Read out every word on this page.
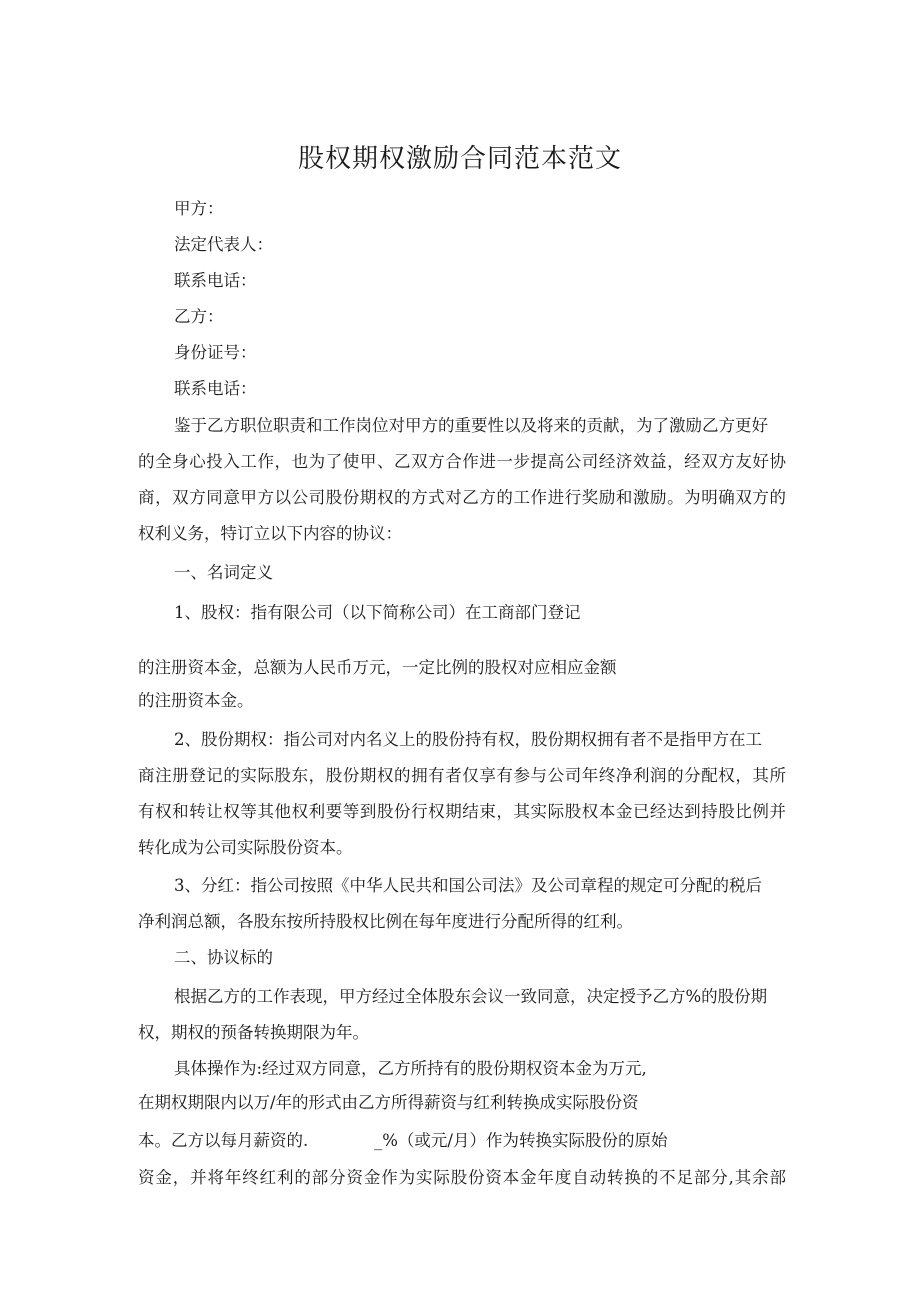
股权期权激励合同范本范文
甲方：
法定代表人：
联系电话：
乙方：
身份证号：
联系电话：
鉴于乙方职位职责和工作岗位对甲方的重要性以及将来的贡献，为了激励乙方更好
的全身心投入工作，也为了使甲、乙双方合作进一步提高公司经济效益，经双方友好协
商，双方同意甲方以公司股份期权的方式对乙方的工作进行奖励和激励。为明确双方的
权利义务，特订立以下内容的协议：
一、名词定义
1、股权：指有限公司（以下简称公司）在工商部门登记
的注册资本金，总额为人民币万元，一定比例的股权对应相应金额
的注册资本金。
2、股份期权：指公司对内名义上的股份持有权，股份期权拥有者不是指甲方在工
商注册登记的实际股东，股份期权的拥有者仅享有参与公司年终净利润的分配权，其所
有权和转让权等其他权利要等到股份行权期结束，其实际股权本金已经达到持股比例并
转化成为公司实际股份资本。
3、分红：指公司按照《中华人民共和国公司法》及公司章程的规定可分配的税后
净利润总额，各股东按所持股权比例在每年度进行分配所得的红利。
二、协议标的
根据乙方的工作表现，甲方经过全体股东会议一致同意，决定授予乙方%的股份期
权，期权的预备转换期限为年。
具体操作为:经过双方同意，乙方所持有的股份期权资本金为万元,
在期权期限内以万/年的形式由乙方所得薪资与红利转换成实际股份资
本。乙方以每月薪资的.	_%（或元/月）作为转换实际股份的原始
资金，并将年终红利的部分资金作为实际股份资本金年度自动转换的不足部分,其余部
